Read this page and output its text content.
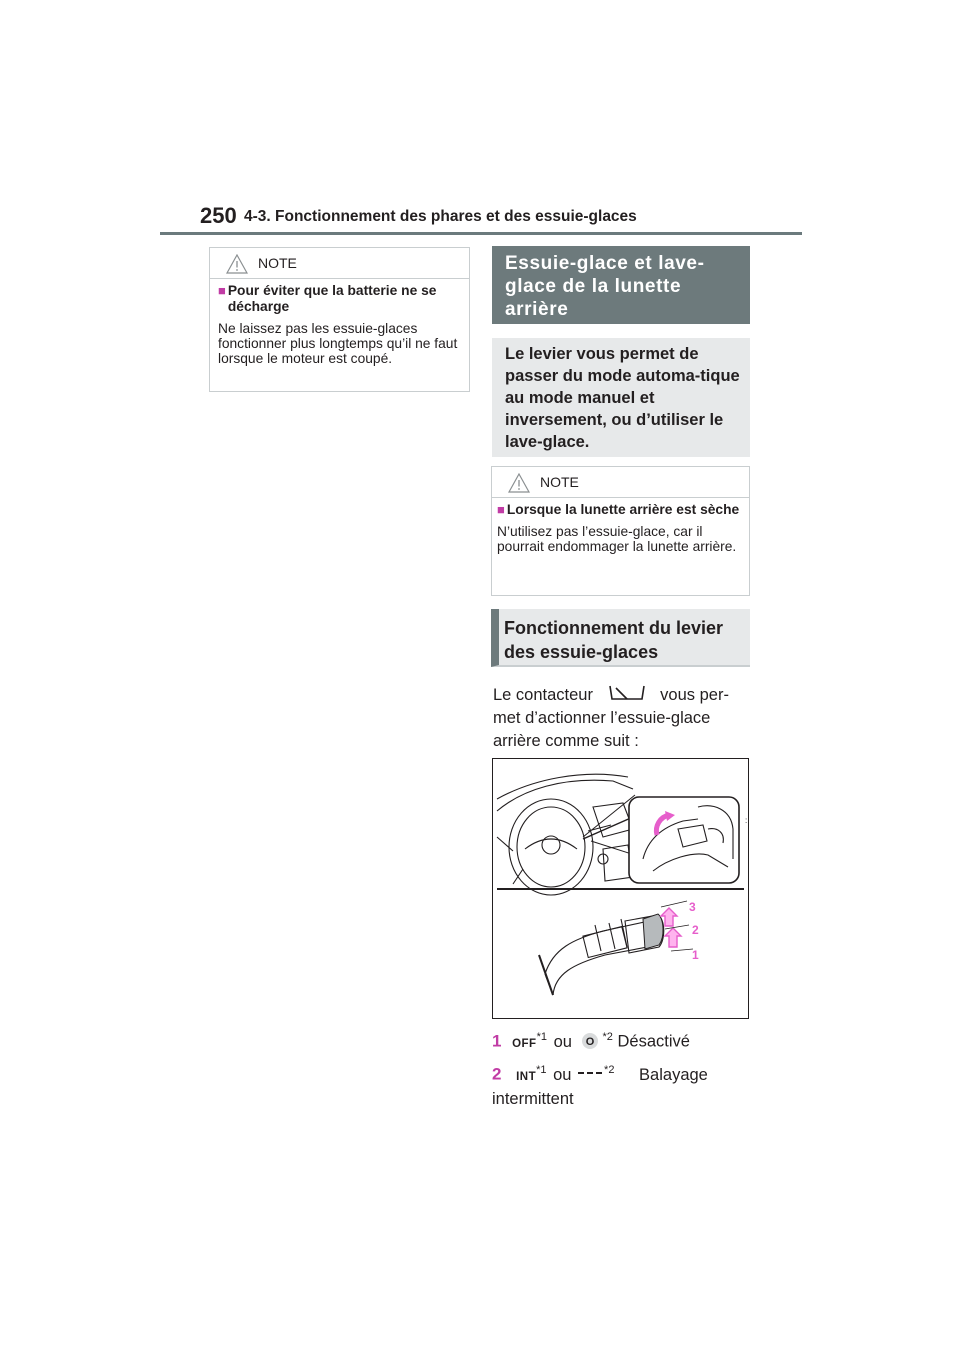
250 4-3. Fonctionnement des phares et des essuie-glaces
NOTE
■ Pour éviter que la batterie ne se décharge
Ne laissez pas les essuie-glaces fonctionner plus longtemps qu’il ne faut lorsque le moteur est coupé.
Essuie-glace et lave-glace de la lunette arrière
Le levier vous permet de passer du mode automa-tique au mode manuel et inversement, ou d’utiliser le lave-glace.
NOTE
■ Lorsque la lunette arrière est sèche
N’utilisez pas l’essuie-glace, car il pourrait endommager la lunette arrière.
Fonctionnement du levier des essuie-glaces
Le contacteur	vous per-met d’actionner l’essuie-glace arrière comme suit :
:
3
2
1
1 OFF$^{*1}$ ou O $^{*2}$ Désactivé
2 INT$^{*1}$ ou	$^{*2}$ Balayage intermittent
